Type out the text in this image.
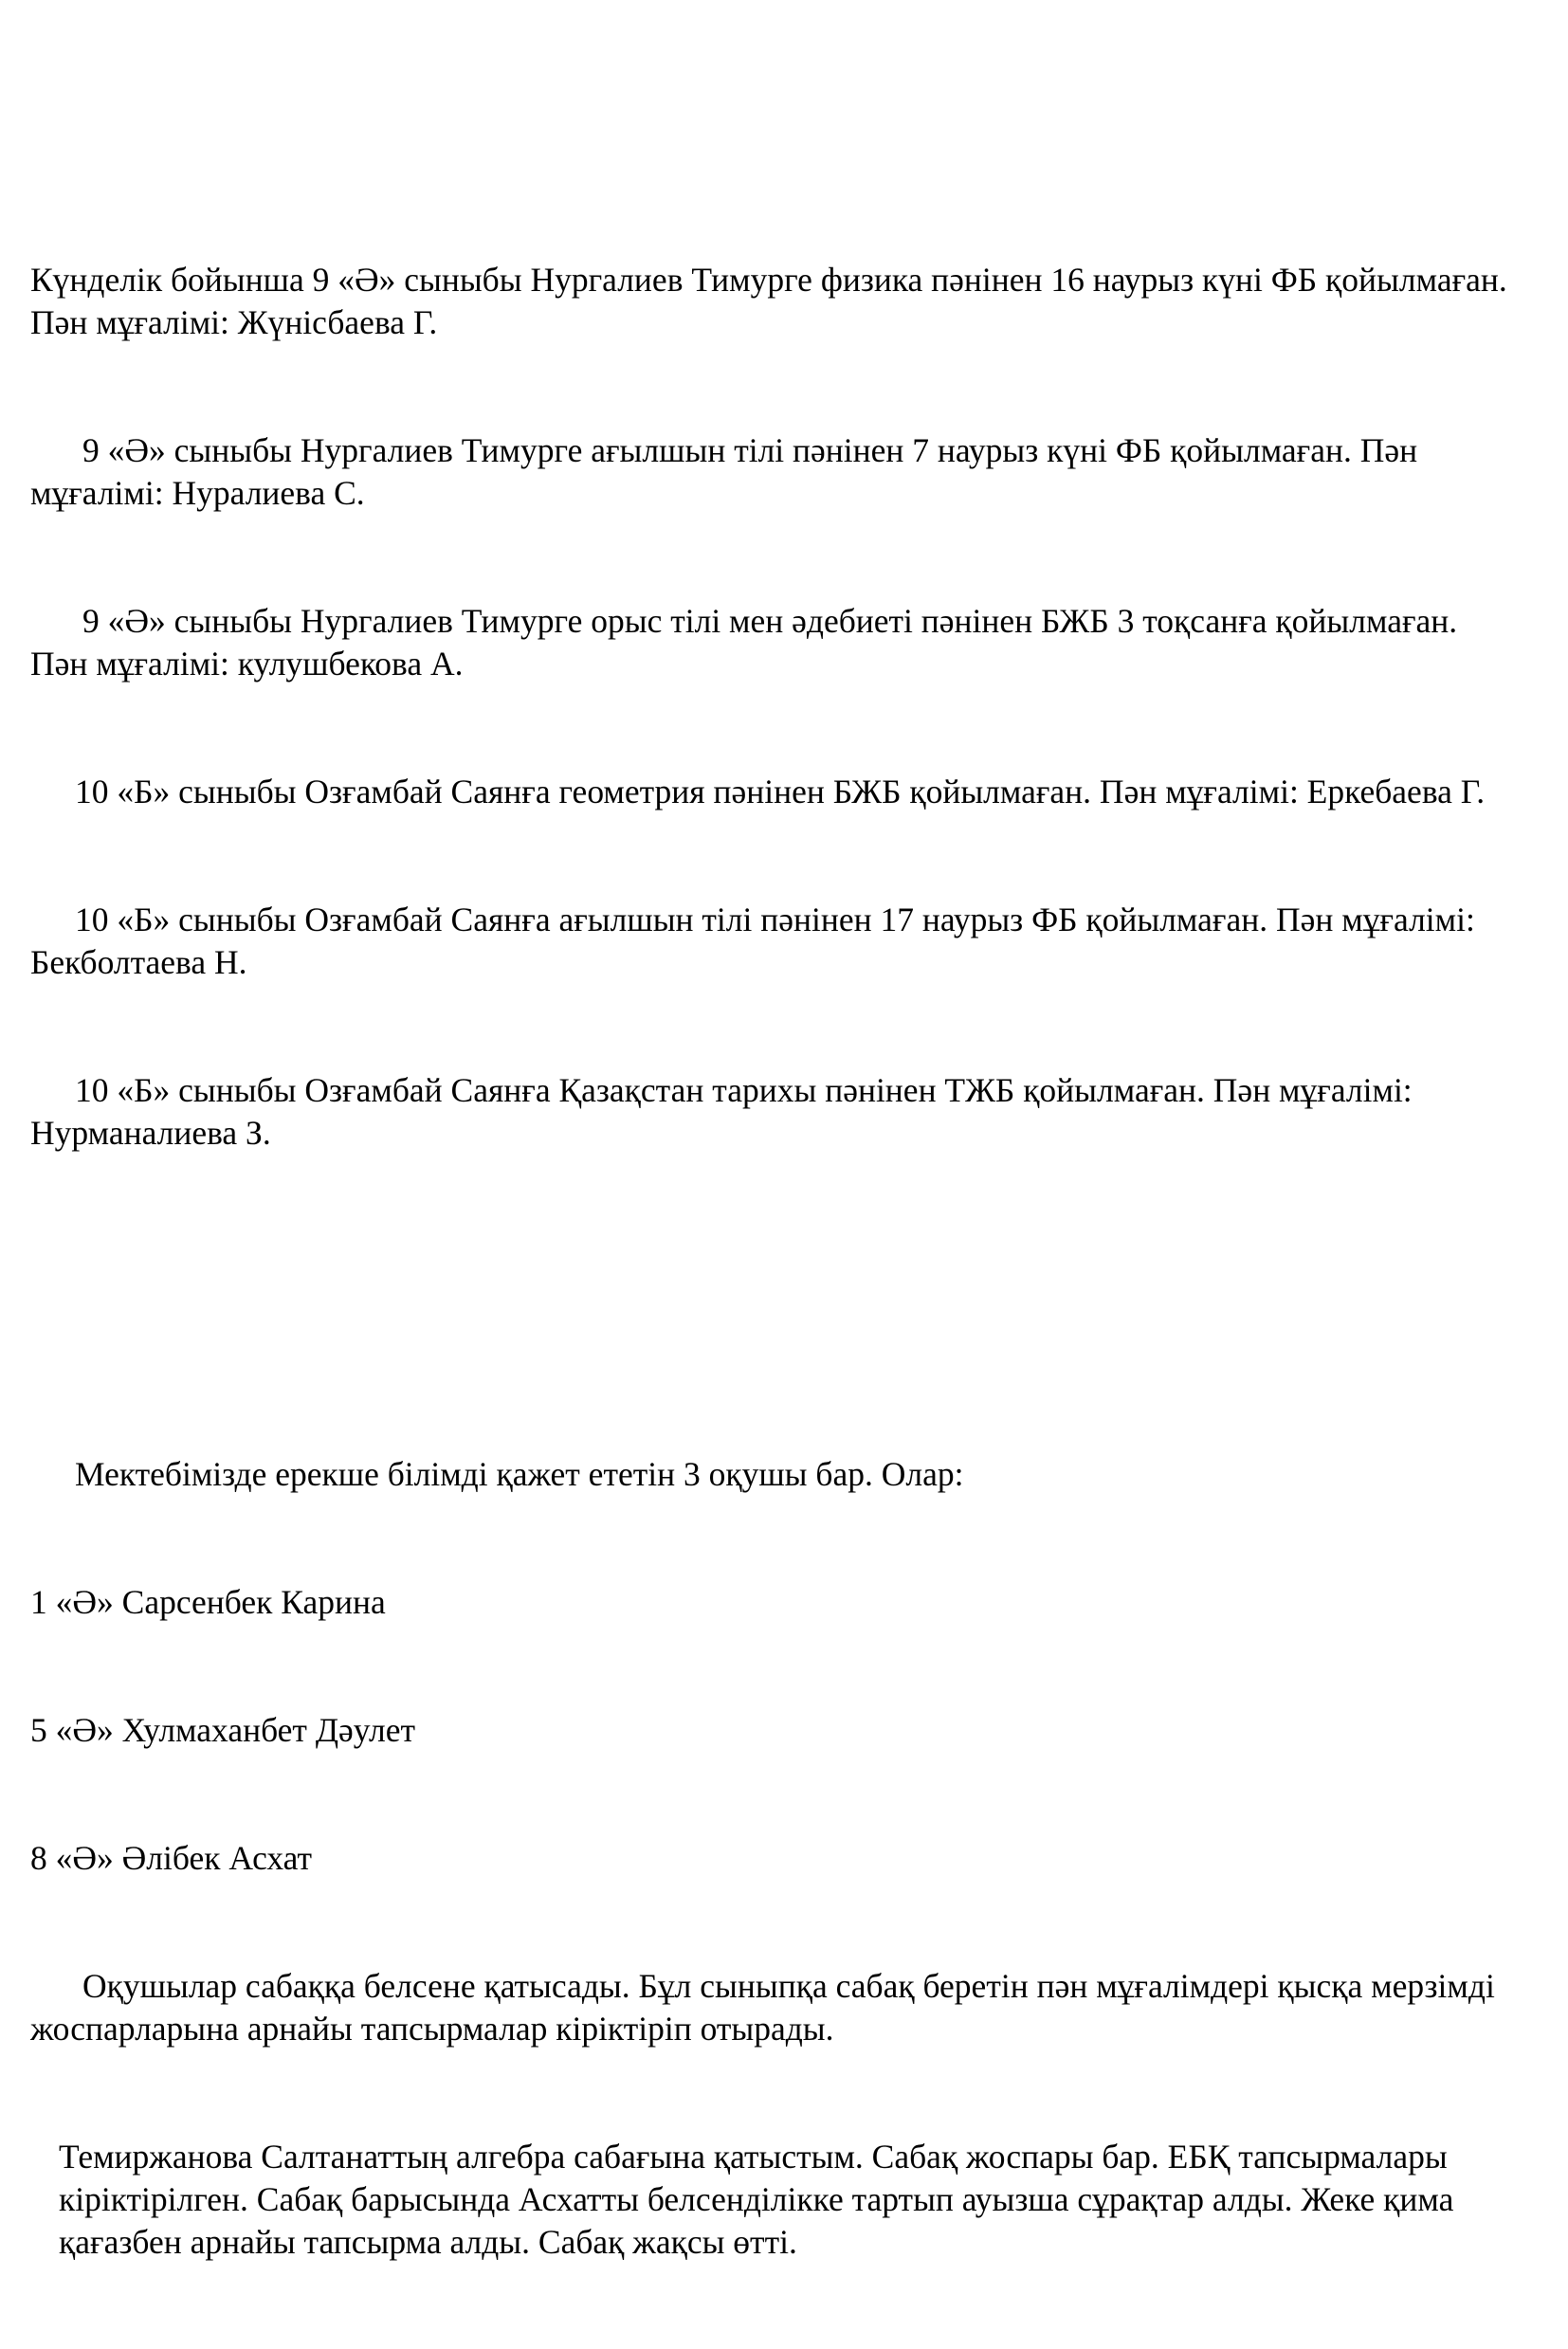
Күнделік бойынша 9 «Ә» сыныбы Нургалиев Тимурге физика пәнінен 16 наурыз күні ФБ қойылмаған. Пән мұғалімі: Жүнісбаева Г.

9 «Ә» сыныбы Нургалиев Тимурге ағылшын тілі пәнінен 7 наурыз күні ФБ қойылмаған. Пән мұғалімі: Нуралиева С.

9 «Ә» сыныбы Нургалиев Тимурге орыс тілі мен әдебиеті пәнінен БЖБ 3 тоқсанға қойылмаған. Пән мұғалімі: кулушбекова А.

10 «Б» сыныбы Озғамбай Саянға геометрия пәнінен БЖБ қойылмаған. Пән мұғалімі: Еркебаева Г.

10 «Б» сыныбы Озғамбай Саянға ағылшын тілі пәнінен 17 наурыз ФБ қойылмаған. Пән мұғалімі: Бекболтаева Н.

10 «Б» сыныбы Озғамбай Саянға Қазақстан тарихы пәнінен ТЖБ қойылмаған. Пән мұғалімі: Нурманалиева З.

Мектебімізде ерекше білімді қажет ететін 3 оқушы бар. Олар:

1 «Ә» Сарсенбек Карина

5 «Ә» Хулмаханбет Дәулет

8 «Ә» Әлібек Асхат

Оқушылар сабаққа белсене қатысады. Бұл сыныпқа сабақ беретін пән мұғалімдері қысқа мерзімді жоспарларына арнайы тапсырмалар кіріктіріп отырады.

Темиржанова Салтанаттың алгебра сабағына қатыстым. Сабақ жоспары бар. ЕБҚ тапсырмалары кіріктірілген. Сабақ барысында Асхатты белсенділікке тартып ауызша сұрақтар алды. Жеке қима қағазбен арнайы тапсырма алды. Сабақ жақсы өтті.
